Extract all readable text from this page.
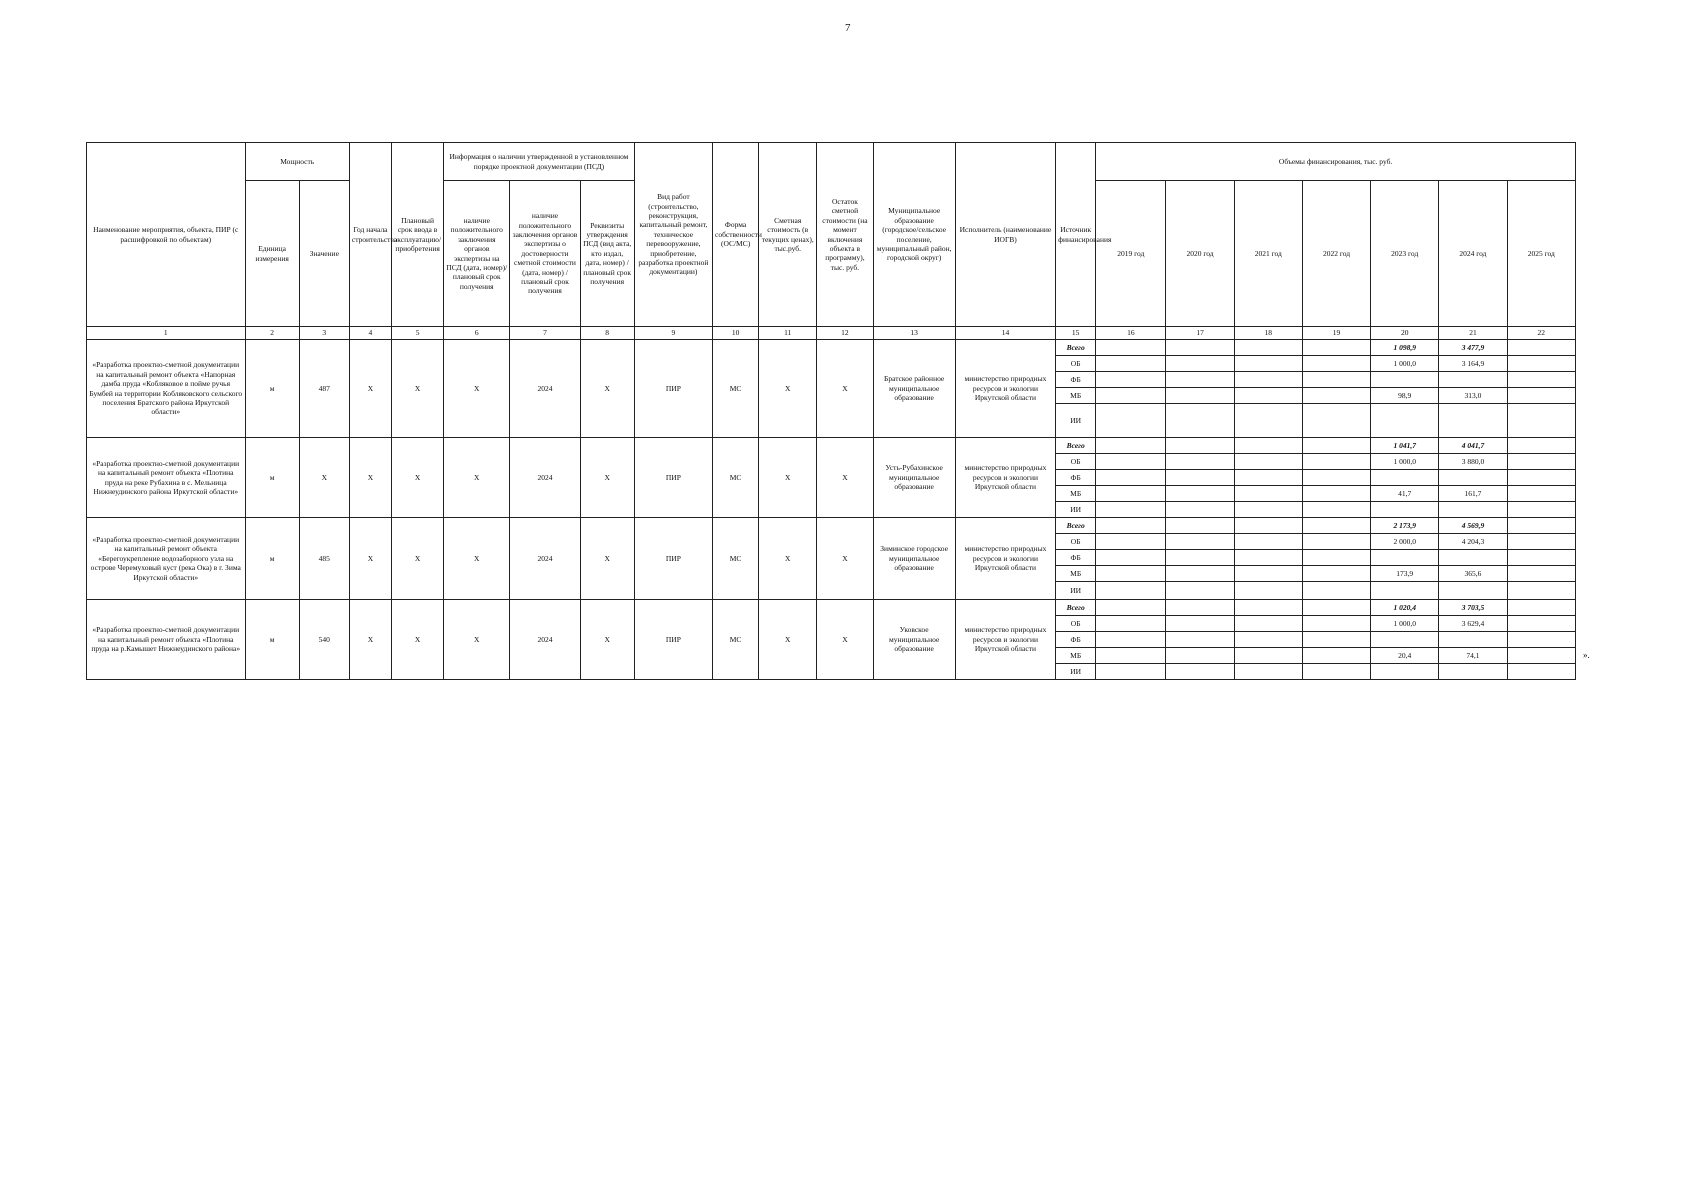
7
Наименование мероприятия, объекта, ПИР (с расшифровкой по объектам)	Мощность		Год начала строительства	Плановый срок ввода в эксплуатацию/приобретения	Информация о наличии утвержденной в установленном порядке проектной документации (ПСД)			Вид работ (строительство, реконструкция, капитальный ремонт, техническое перевооружение, приобретение, разработка проектной документации)	Форма собственности (ОС/МС)	Сметная стоимость (в текущих ценах), тыс.руб.	Остаток сметной стоимости (на момент включения объекта в программу), тыс. руб.	Муниципальное образование (городское/сельское поселение, муниципальный район, городской округ)	Исполнитель (наименование ИОГВ)	Источник финансирования	Объемы финансирования, тыс. руб.						
	Единица измерения	Значение			наличие положительного заключения органов экспертизы на ПСД (дата, номер)/плановый срок получения	наличие положительного заключения органов экспертизы о достоверности сметной стоимости (дата, номер) / плановый срок получения	Реквизиты утверждения ПСД (вид акта, кто издал, дата, номер) / плановый срок получения								2019 год	2020 год	2021 год	2022 год	2023 год	2024 год	2025 год
1	2	3	4	5	6	7	8	9	10	11	12	13	14	15	16	17	18	19	20	21	22
«Разработка проектно-сметной документации на капитальный ремонт объекта «Напорная дамба пруда «Кобляковое в пойме ручья Бумбей на территории Кобляковского сельского поселения Братского района Иркутской области»	м	487	X	X	X	2024	X	ПИР	МС	X	X	Братское районное муниципальное образование	министерство природных ресурсов и экологии Иркутской области	Всего					1 098,9	3 477,9	
														ОБ					1 000,0	3 164,9	
														ФБ							
														МБ					98,9	313,0	
														ИИ							
«Разработка проектно-сметной документации на капитальный ремонт объекта «Плотина пруда на реке Рубахина в с. Мельница Нижнеудинского района Иркутской области»	м	X	X	X	X	2024	X	ПИР	МС	X	X	Усть-Рубахинское муниципальное образование	министерство природных ресурсов и экологии Иркутской области	Всего					1 041,7	4 041,7	
														ОБ					1 000,0	3 880,0	
														ФБ							
														МБ					41,7	161,7	
														ИИ							
«Разработка проектно-сметной документации на капитальный ремонт объекта «Берегоукрепление водозаборного узла на острове Черемуховый куст (река Ока) в г. Зима Иркутской области»	м	485	X	X	X	2024	X	ПИР	МС	X	X	Зиминское городское муниципальное образование	министерство природных ресурсов и экологии Иркутской области	Всего					2 173,9	4 569,9	
														ОБ					2 000,0	4 204,3	
														ФБ							
														МБ					173,9	365,6	
														ИИ							
«Разработка проектно-сметной документации на капитальный ремонт объекта «Плотина пруда на р.Камышет Нижнеудинского района»	м	540	X	X	X	2024	X	ПИР	МС	X	X	Уковское муниципальное образование	министерство природных ресурсов и экологии Иркутской области	Всего					1 020,4	3 703,5	
														ОБ					1 000,0	3 629,4	
														ФБ							
														МБ					20,4	74,1	
														ИИ							
».
